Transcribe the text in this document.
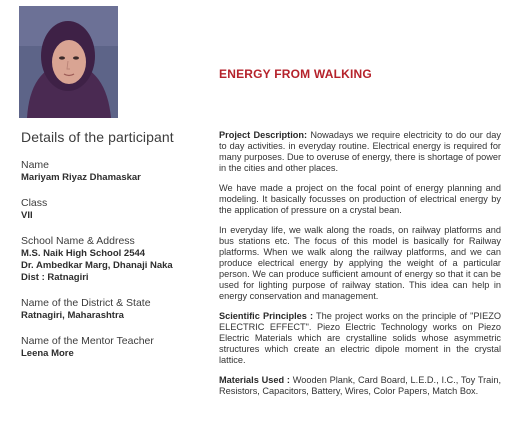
ENERGY FROM WALKING
Details of the participant
Name
Mariyam Riyaz Dhamaskar
Class
VII
School Name & Address
M.S. Naik High School 2544
Dr. Ambedkar Marg, Dhanaji Naka
Dist : Ratnagiri
Name of the District & State
Ratnagiri, Maharashtra
Name of the Mentor Teacher
Leena More

Project Description: Nowadays we require electricity to do our day to day activities. in everyday routine. Electrical energy is required for many purposes. Due to overuse of energy, there is shortage of power in the cities and other places.

We have made a project on the focal point of energy planning and modeling. It basically focusses on production of electrical energy by the application of pressure on a crystal bean.

In everyday life, we walk along the roads, on railway platforms and bus stations etc. The focus of this model is basically for Railway platforms. When we walk along the railway platforms, and we can produce electrical energy by applying the weight of a particular person. We can produce sufficient amount of energy so that it can be used for lighting purpose of railway station. This idea can help in energy conservation and management.

Scientific Principles : The project works on the principle of "PIEZO ELECTRIC EFFECT". Piezo Electric Technology works on Piezo Electric Materials which are crystalline solids whose asymmetric structures which create an electric dipole moment in the crystal lattice.

Materials Used : Wooden Plank, Card Board, L.E.D., I.C., Toy Train, Resistors, Capacitors, Battery, Wires, Color Papers, Match Box.
